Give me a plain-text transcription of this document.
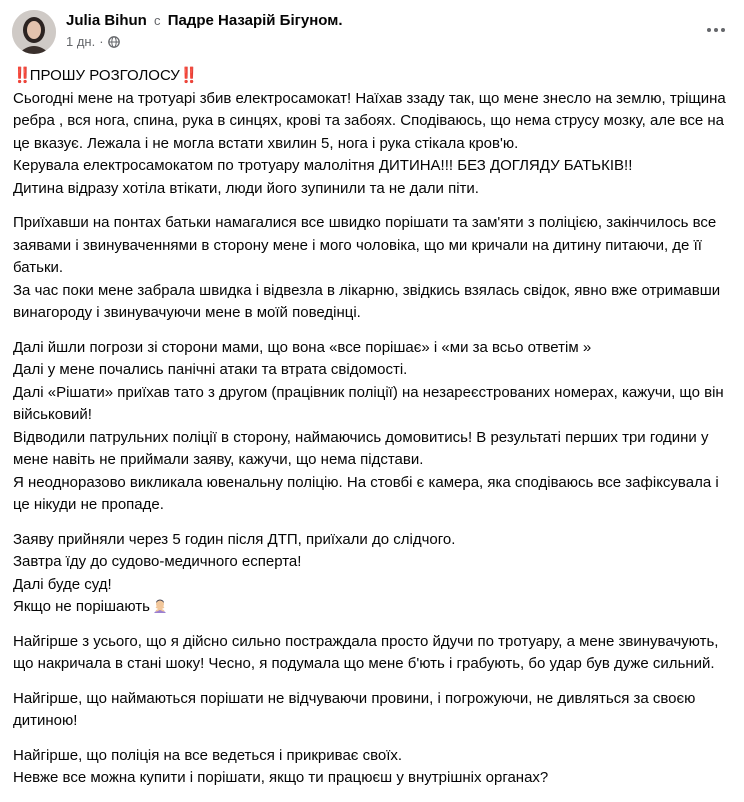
Julia Bihun с Падре Назарій Бігуном.
1 дн. ·

‼️ПРОШУ РОЗГОЛОСУ‼️

Сьогодні мене на тротуарі збив електросамокат! Наїхав ззаду так, що мене знесло на землю, тріщина ребра , вся нога, спина, рука в синцях, крові та забоях. Сподіваюсь, що нема струсу мозку, але все на це вказує. Лежала і не могла встати хвилин 5, нога і рука стікала кров'ю.
Керувала електросамокатом по тротуару малолітня ДИТИНА!!! БЕЗ ДОГЛЯДУ БАТЬКІВ!!
Дитина відразу хотіла втікати, люди його зупинили та не дали піти.

Приїхавши на понтах батьки намагалися все швидко порішати та зам'яти з поліцією, закінчилось все заявами і звинуваченнями в сторону мене і мого чоловіка, що ми кричали на дитину питаючи, де її батьки.
За час поки мене забрала швидка і відвезла в лікарню, звідкись взялась свідок, явно вже отримавши винагороду і звинувачуючи мене в моїй поведінці.

Далі йшли погрози зі сторони мами, що вона «все порішає» і «ми за всьо ответім »
Далі у мене почались панічні атаки та втрата свідомості.
Далі «Рішати» приїхав тато з другом (працівник поліції) на незареєстрованих номерах, кажучи, що він військовий!
Відводили патрульних поліції в сторону, наймаючись домовитись! В результаті перших три години у мене навіть не приймали заяву, кажучи, що нема підстави.
Я неодноразово викликала ювенальну поліцію. На стовбі є камера, яка сподіваюсь все зафіксувала і це нікуди не пропаде.

Заяву прийняли через 5 годин після ДТП, приїхали до слідчого.
Завтра їду до судово-медичного есперта!
Далі буде суд!
Якщо не порішають

Найгірше з усього, що я дійсно сильно постраждала просто йдучи по тротуару, а мене звинувачують, що накричала в стані шоку! Чесно, я подумала що мене б'ють і грабують, бо удар був дуже сильний.

Найгірше, що наймаються порішати не відчуваючи провини, і погрожуючи, не дивляться за своєю дитиною!

Найгірше, що поліція на все ведеться і прикриває своїх.
Невже все можна купити і порішати, якщо ти працюєш у внутрішніх органах?
